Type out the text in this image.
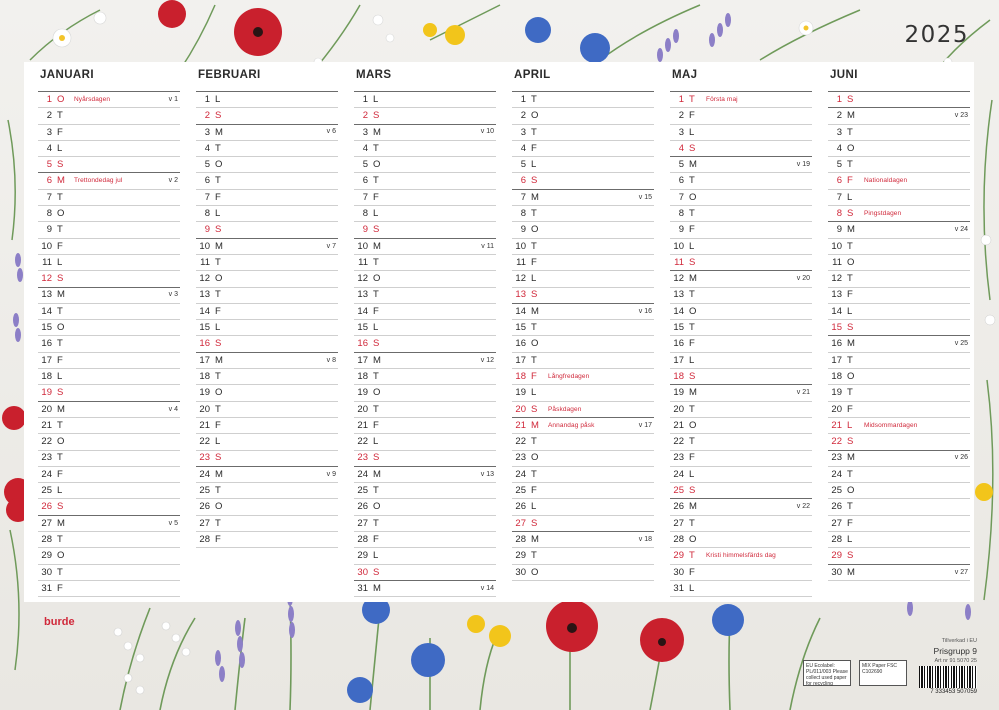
2025
JANUARI
1 O	Nyårsdagen	v 1
2 T
3 F
4 L
5 S
6 M	Trettondedag jul	v 2
7 T
8 O
9 T
10 F
11 L
12 S
13 M	v 3
14 T
15 O
16 T
17 F
18 L
19 S
20 M	v 4
21 T
22 O
23 T
24 F
25 L
26 S
27 M	v 5
28 T
29 O
30 T
31 F
FEBRUARI
1 L
2 S
3 M	v 6
4 T
5 O
6 T
7 F
8 L
9 S
10 M	v 7
11 T
12 O
13 T
14 F
15 L
16 S
17 M	v 8
18 T
19 O
20 T
21 F
22 L
23 S
24 M	v 9
25 T
26 O
27 T
28 F
MARS
1 L
2 S
3 M	v 10
4 T
5 O
6 T
7 F
8 L
9 S
10 M	v 11
11 T
12 O
13 T
14 F
15 L
16 S
17 M	v 12
18 T
19 O
20 T
21 F
22 L
23 S
24 M	v 13
25 T
26 O
27 T
28 F
29 L
30 S
31 M	v 14
APRIL
1 T
2 O
3 T
4 F
5 L
6 S
7 M	v 15
8 T
9 O
10 T
11 F
12 L
13 S
14 M	v 16
15 T
16 O
17 T
18 F	Långfredagen
19 L
20 S	Påskdagen
21 M	Annandag påsk	v 17
22 T
23 O
24 T
25 F
26 L
27 S
28 M	v 18
29 T
30 O
MAJ
1 T	Första maj
2 F
3 L
4 S
5 M	v 19
6 T
7 O
8 T
9 F
10 L
11 S
12 M	v 20
13 T
14 O
15 T
16 F
17 L
18 S
19 M	v 21
20 T
21 O
22 T
23 F
24 L
25 S
26 M	v 22
27 T
28 O
29 T	Kristi himmelsfärds dag
30 F
31 L
JUNI
1 S
2 M	v 23
3 T
4 O
5 T
6 F	Nationaldagen
7 L
8 S	Pingstdagen
9 M	v 24
10 T
11 O
12 T
13 F
14 L
15 S
16 M	v 25
17 T
18 O
19 T
20 F
21 L	Midsommardagen
22 S
23 M	v 26
24 T
25 O
26 T
27 F
28 L
29 S
30 M	v 27
burde
EU Ecolabel: PL/011/003 Please collect used paper for recycling
MIX Paper FSC C102690
Tillverkad i EU
Prisgrupp 9
Art nr 91 5070 25
7 333453 507059
